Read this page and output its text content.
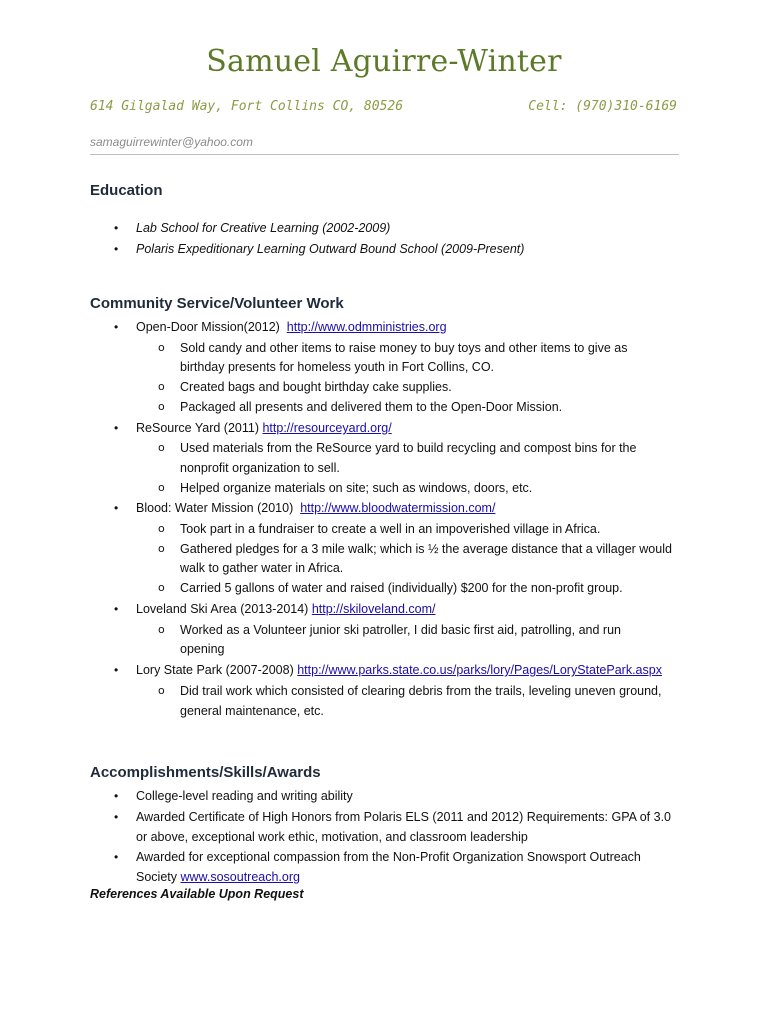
Samuel Aguirre-Winter
614 Gilgalad Way, Fort Collins CO, 80526	Cell: (970)310-6169
samaguirrewinter@yahoo.com
Education
• Lab School for Creative Learning (2002-2009)
• Polaris Expeditionary Learning Outward Bound School (2009-Present)
Community Service/Volunteer Work
• Open-Door Mission(2012) http://www.odmministries.org
o Sold candy and other items to raise money to buy toys and other items to give as
birthday presents for homeless youth in Fort Collins, CO.
o Created bags and bought birthday cake supplies.
o Packaged all presents and delivered them to the Open-Door Mission.
• ReSource Yard (2011) http://resourceyard.org/
o Used materials from the ReSource yard to build recycling and compost bins for the
nonprofit organization to sell.
o Helped organize materials on site; such as windows, doors, etc.
• Blood: Water Mission (2010) http://www.bloodwatermission.com/
o Took part in a fundraiser to create a well in an impoverished village in Africa.
o Gathered pledges for a 3 mile walk; which is ½ the average distance that a villager would
walk to gather water in Africa.
o Carried 5 gallons of water and raised (individually) $200 for the non-profit group.
• Loveland Ski Area (2013-2014) http://skiloveland.com/
o Worked as a Volunteer junior ski patroller, I did basic first aid, patrolling, and run
opening
• Lory State Park (2007-2008) http://www.parks.state.co.us/parks/lory/Pages/LoryStatePark.aspx
o Did trail work which consisted of clearing debris from the trails, leveling uneven ground,
general maintenance, etc.
Accomplishments/Skills/Awards
• College-level reading and writing ability
• Awarded Certificate of High Honors from Polaris ELS (2011 and 2012) Requirements: GPA of 3.0
or above, exceptional work ethic, motivation, and classroom leadership
• Awarded for exceptional compassion from the Non-Profit Organization Snowsport Outreach
Society www.sosoutreach.org
References Available Upon Request
